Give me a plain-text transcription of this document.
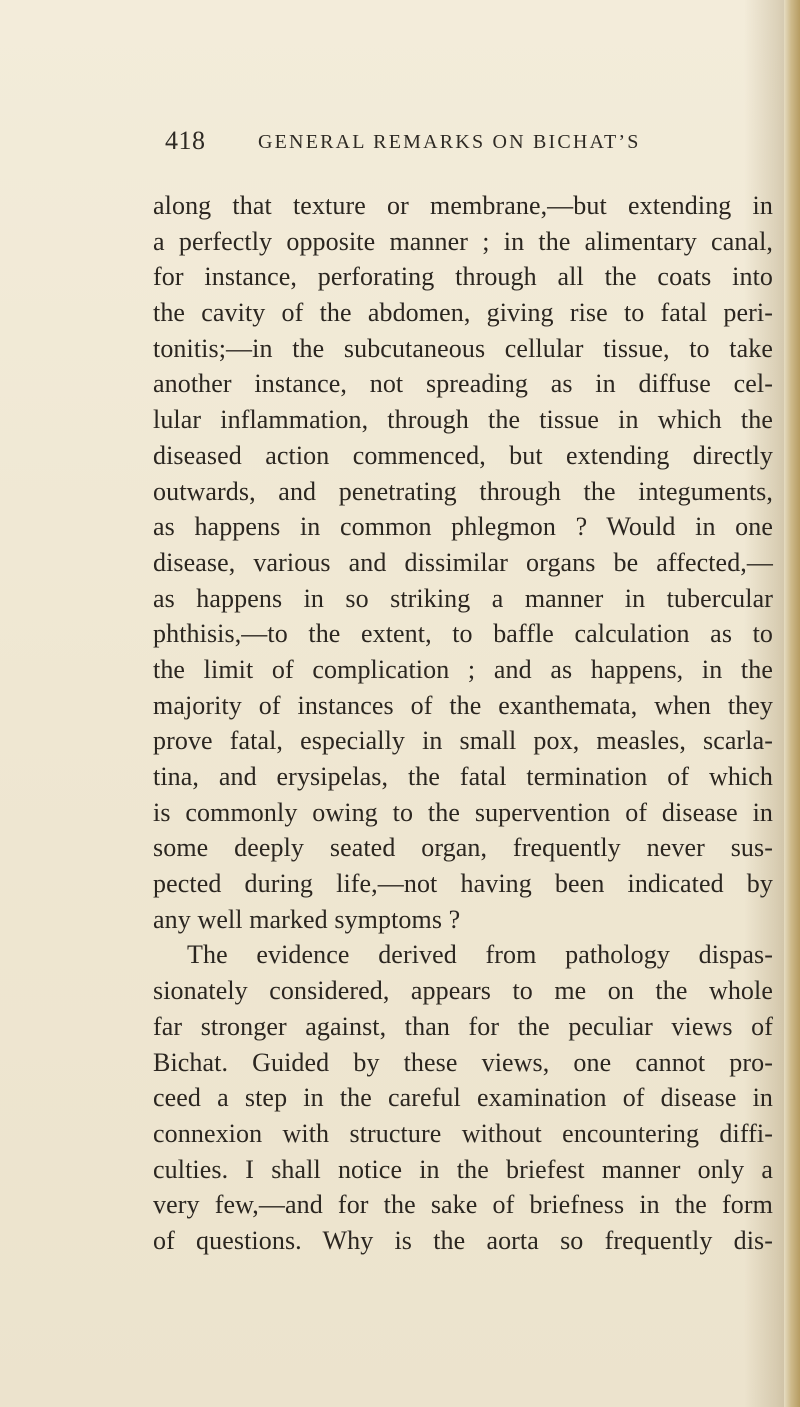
418	GENERAL REMARKS ON BICHAT’S
along that texture or membrane,—but extending in
a perfectly opposite manner ; in the alimentary canal,
for instance, perforating through all the coats into
the cavity of the abdomen, giving rise to fatal peri-
tonitis;—in the subcutaneous cellular tissue, to take
another instance, not spreading as in diffuse cel-
lular inflammation, through the tissue in which the
diseased action commenced, but extending directly
outwards, and penetrating through the integuments,
as happens in common phlegmon ? Would in one
disease, various and dissimilar organs be affected,—
as happens in so striking a manner in tubercular
phthisis,—to the extent, to baffle calculation as to
the limit of complication ; and as happens, in the
majority of instances of the exanthemata, when they
prove fatal, especially in small pox, measles, scarla-
tina, and erysipelas, the fatal termination of which
is commonly owing to the supervention of disease in
some deeply seated organ, frequently never sus-
pected during life,—not having been indicated by
any well marked symptoms ?
The evidence derived from pathology dispas-
sionately considered, appears to me on the whole
far stronger against, than for the peculiar views of
Bichat. Guided by these views, one cannot pro-
ceed a step in the careful examination of disease in
connexion with structure without encountering diffi-
culties. I shall notice in the briefest manner only a
very few,—and for the sake of briefness in the form
of questions. Why is the aorta so frequently dis-
